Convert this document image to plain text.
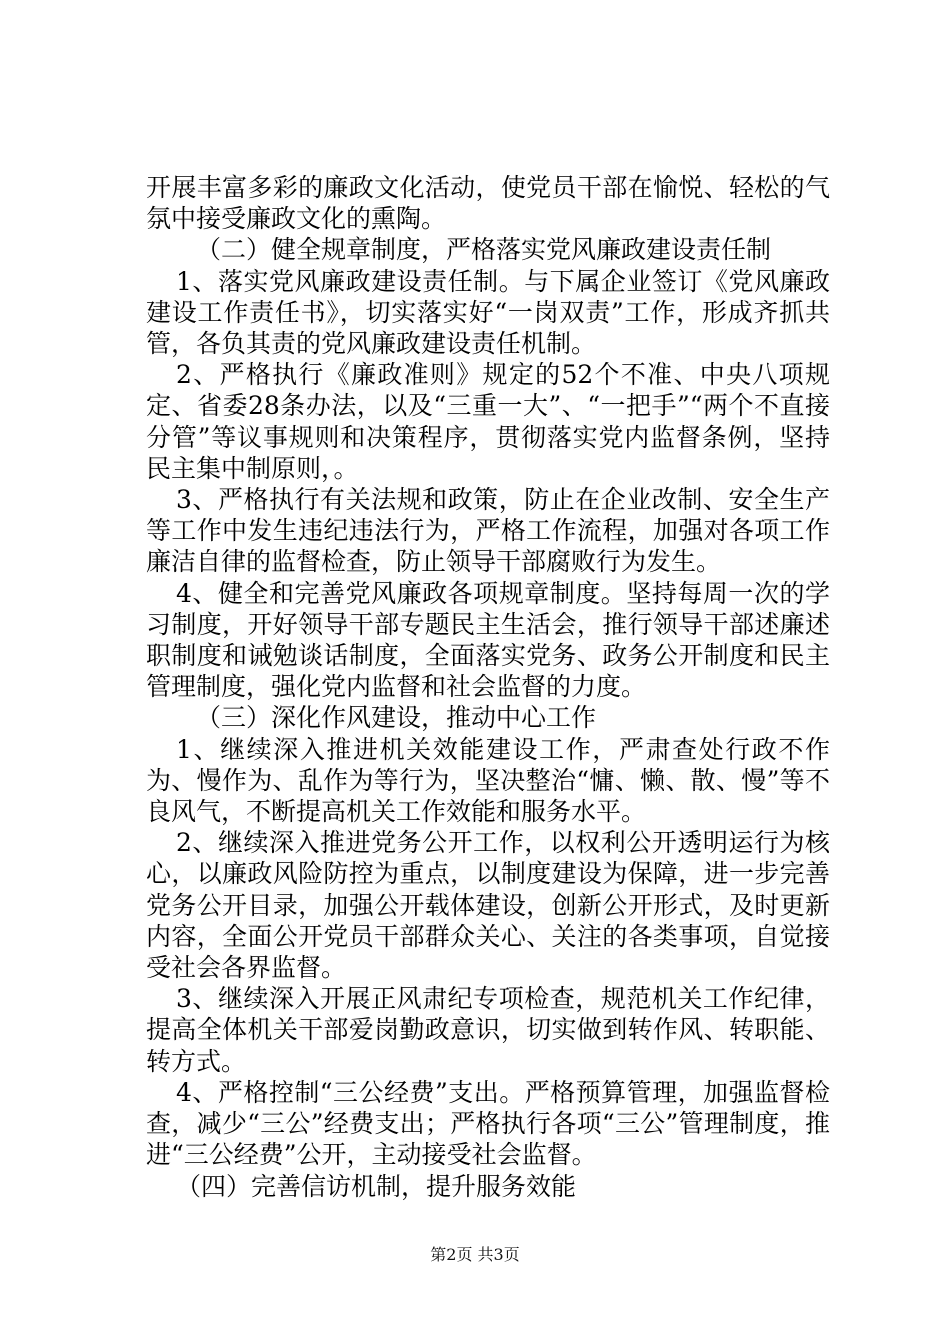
开展丰富多彩的廉政文化活动，使党员干部在愉悦、轻松的气氛中接受廉政文化的熏陶。

（二）健全规章制度，严格落实党风廉政建设责任制

1、落实党风廉政建设责任制。与下属企业签订《党风廉政建设工作责任书》，切实落实好“一岗双责”工作，形成齐抓共管，各负其责的党风廉政建设责任机制。

2、严格执行《廉政准则》规定的52个不准、中央八项规定、省委28条办法，以及“三重一大”、“一把手”“两个不直接分管”等议事规则和决策程序，贯彻落实党内监督条例，坚持民主集中制原则，。

3、严格执行有关法规和政策，防止在企业改制、安全生产等工作中发生违纪违法行为，严格工作流程，加强对各项工作廉洁自律的监督检查，防止领导干部腐败行为发生。

4、健全和完善党风廉政各项规章制度。坚持每周一次的学习制度，开好领导干部专题民主生活会，推行领导干部述廉述职制度和诫勉谈话制度，全面落实党务、政务公开制度和民主管理制度，强化党内监督和社会监督的力度。

（三）深化作风建设，推动中心工作

1、继续深入推进机关效能建设工作，严肃查处行政不作为、慢作为、乱作为等行为，坚决整治“慵、懒、散、慢”等不良风气，不断提高机关工作效能和服务水平。

2、继续深入推进党务公开工作，以权利公开透明运行为核心，以廉政风险防控为重点，以制度建设为保障，进一步完善党务公开目录，加强公开载体建设，创新公开形式，及时更新内容，全面公开党员干部群众关心、关注的各类事项，自觉接受社会各界监督。

3、继续深入开展正风肃纪专项检查，规范机关工作纪律，提高全体机关干部爱岗勤政意识，切实做到转作风、转职能、转方式。

4、严格控制“三公经费”支出。严格预算管理，加强监督检查，减少“三公”经费支出；严格执行各项“三公”管理制度，推进“三公经费”公开，主动接受社会监督。

（四）完善信访机制，提升服务效能

第2页 共3页
